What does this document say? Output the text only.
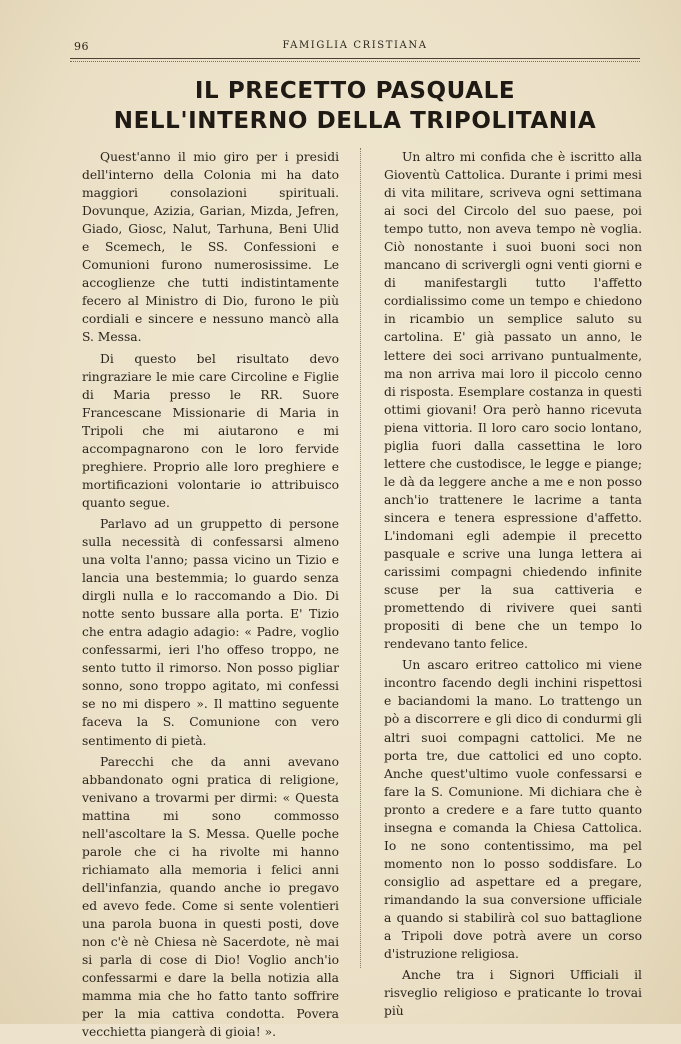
96	FAMIGLIA CRISTIANA
IL PRECETTO PASQUALE
NELL'INTERNO DELLA TRIPOLITANIA

Quest'anno il mio giro per i presidi dell'interno della Colonia mi ha dato maggiori consolazioni spirituali. Dovunque, Azizia, Garian, Mizda, Jefren, Giado, Giosc, Nalut, Tarhuna, Beni Ulid e Scemech, le SS. Confessioni e Comunioni furono numerosissime. Le accoglienze che tutti indistintamente fecero al Ministro di Dio, furono le più cordiali e sincere e nessuno mancò alla S. Messa.

Di questo bel risultato devo ringraziare le mie care Circoline e Figlie di Maria presso le RR. Suore Francescane Missionarie di Maria in Tripoli che mi aiutarono e mi accompagnarono con le loro fervide preghiere. Proprio alle loro preghiere e mortificazioni volontarie io attribuisco quanto segue.

Parlavo ad un gruppetto di persone sulla necessità di confessarsi almeno una volta l'anno; passa vicino un Tizio e lancia una bestemmia; lo guardo senza dirgli nulla e lo raccomando a Dio. Di notte sento bussare alla porta. E' Tizio che entra adagio adagio: « Padre, voglio confessarmi, ieri l'ho offeso troppo, ne sento tutto il rimorso. Non posso pigliar sonno, sono troppo agitato, mi confessi se no mi dispero ». Il mattino seguente faceva la S. Comunione con vero sentimento di pietà.

Parecchi che da anni avevano abbandonato ogni pratica di religione, venivano a trovarmi per dirmi: « Questa mattina mi sono commosso nell'ascoltare la S. Messa. Quelle poche parole che ci ha rivolte mi hanno richiamato alla memoria i felici anni dell'infanzia, quando anche io pregavo ed avevo fede. Come si sente volentieri una parola buona in questi posti, dove non c'è nè Chiesa nè Sacerdote, nè mai si parla di cose di Dio! Voglio anch'io confessarmi e dare la bella notizia alla mamma mia che ho fatto tanto soffrire per la mia cattiva condotta. Povera vecchietta piangerà di gioia! ».

Un altro mi confida che è iscritto alla Gioventù Cattolica. Durante i primi mesi di vita militare, scriveva ogni settimana ai soci del Circolo del suo paese, poi tempo tutto, non aveva tempo nè voglia. Ciò nonostante i suoi buoni soci non mancano di scrivergli ogni venti giorni e di manifestargli tutto l'affetto cordialissimo come un tempo e chiedono in ricambio un semplice saluto su cartolina. E' già passato un anno, le lettere dei soci arrivano puntualmente, ma non arriva mai loro il piccolo cenno di risposta. Esemplare costanza in questi ottimi giovani! Ora però hanno ricevuta piena vittoria. Il loro caro socio lontano, piglia fuori dalla cassettina le loro lettere che custodisce, le legge e piange; le dà da leggere anche a me e non posso anch'io trattenere le lacrime a tanta sincera e tenera espressione d'affetto. L'indomani egli adempie il precetto pasquale e scrive una lunga lettera ai carissimi compagni chiedendo infinite scuse per la sua cattiveria e promettendo di rivivere quei santi propositi di bene che un tempo lo rendevano tanto felice.

Un ascaro eritreo cattolico mi viene incontro facendo degli inchini rispettosi e baciandomi la mano. Lo trattengo un pò a discorrere e gli dico di condurmi gli altri suoi compagni cattolici. Me ne porta tre, due cattolici ed uno copto. Anche quest'ultimo vuole confessarsi e fare la S. Comunione. Mi dichiara che è pronto a credere e a fare tutto quanto insegna e comanda la Chiesa Cattolica. Io ne sono contentissimo, ma pel momento non lo posso soddisfare. Lo consiglio ad aspettare ed a pregare, rimandando la sua conversione ufficiale a quando si stabilirà col suo battaglione a Tripoli dove potrà avere un corso d'istruzione religiosa.

Anche tra i Signori Ufficiali il risveglio religioso e praticante lo trovai più
